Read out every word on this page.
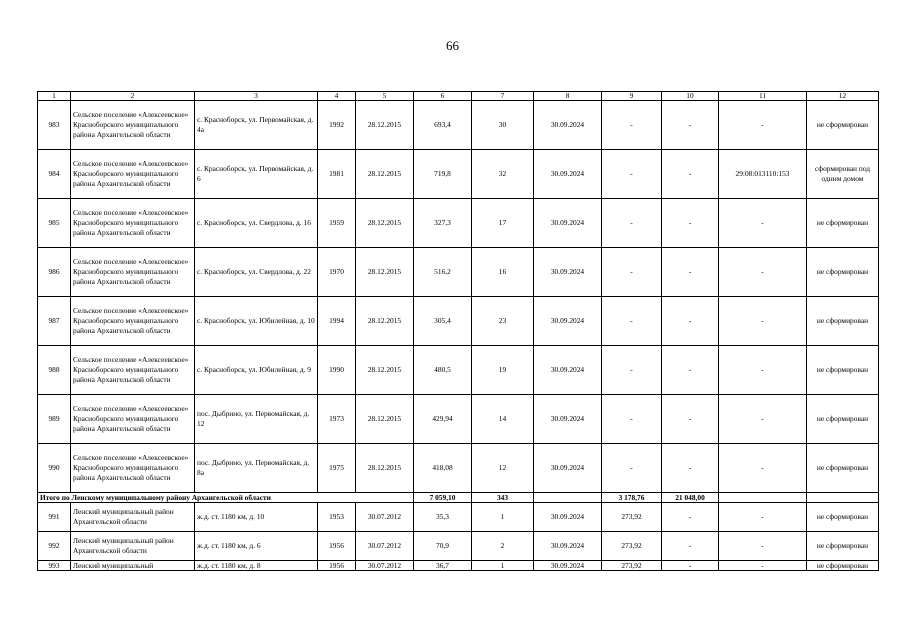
66
1	2	3	4	5	6	7	8	9	10	11	12
983	Сельское поселение «Алексеевское» Красноборского муниципального района Архангельской области	с. Красноборск, ул. Первомайская, д. 4а	1992	28.12.2015	693,4	30	30.09.2024	-	-	-	не сформирован
984	Сельское поселение «Алексеевское» Красноборского муниципального района Архангельской области	с. Красноборск, ул. Первомайская, д. 6	1981	28.12.2015	719,8	32	30.09.2024	-	-	29:08:013110:153	сформирован под одним домом
985	Сельское поселение «Алексеевское» Красноборского муниципального района Архангельской области	с. Красноборск, ул. Свердлова, д. 16	1959	28.12.2015	327,3	17	30.09.2024	-	-	-	не сформирован
986	Сельское поселение «Алексеевское» Красноборского муниципального района Архангельской области	с. Красноборск, ул. Свердлова, д. 22	1970	28.12.2015	516,2	16	30.09.2024	-	-	-	не сформирован
987	Сельское поселение «Алексеевское» Красноборского муниципального района Архангельской области	с. Красноборск, ул. Юбилейная, д. 10	1994	28.12.2015	305,4	23	30.09.2024	-	-	-	не сформирован
988	Сельское поселение «Алексеевское» Красноборского муниципального района Архангельской области	с. Красноборск, ул. Юбилейная, д. 9	1990	28.12.2015	480,5	19	30.09.2024	-	-	-	не сформирован
989	Сельское поселение «Алексеевское» Красноборского муниципального района Архангельской области	пос. Дыбрино, ул. Первомайская, д. 12	1973	28.12.2015	429,94	14	30.09.2024	-	-	-	не сформирован
990	Сельское поселение «Алексеевское» Красноборского муниципального района Архангельской области	пос. Дыбрино, ул. Первомайская, д. 8а	1975	28.12.2015	418,08	12	30.09.2024	-	-	-	не сформирован
Итого по Ленскому муниципальному району Архангельской области					7 059,10	343		3 178,76	21 048,00		
991	Ленский муниципальный район Архангельской области	ж.д. ст. 1180 км, д. 10	1953	30.07.2012	35,3	1	30.09.2024	273,92	-	-	не сформирован
992	Ленский муниципальный район Архангельской области	ж.д. ст. 1180 км, д. 6	1956	30.07.2012	70,9	2	30.09.2024	273,92	-	-	не сформирован
993	Ленский муниципальный	ж.д. ст. 1180 км, д. 8	1956	30.07.2012	36,7	1	30.09.2024	273,92	-	-	не сформирован
